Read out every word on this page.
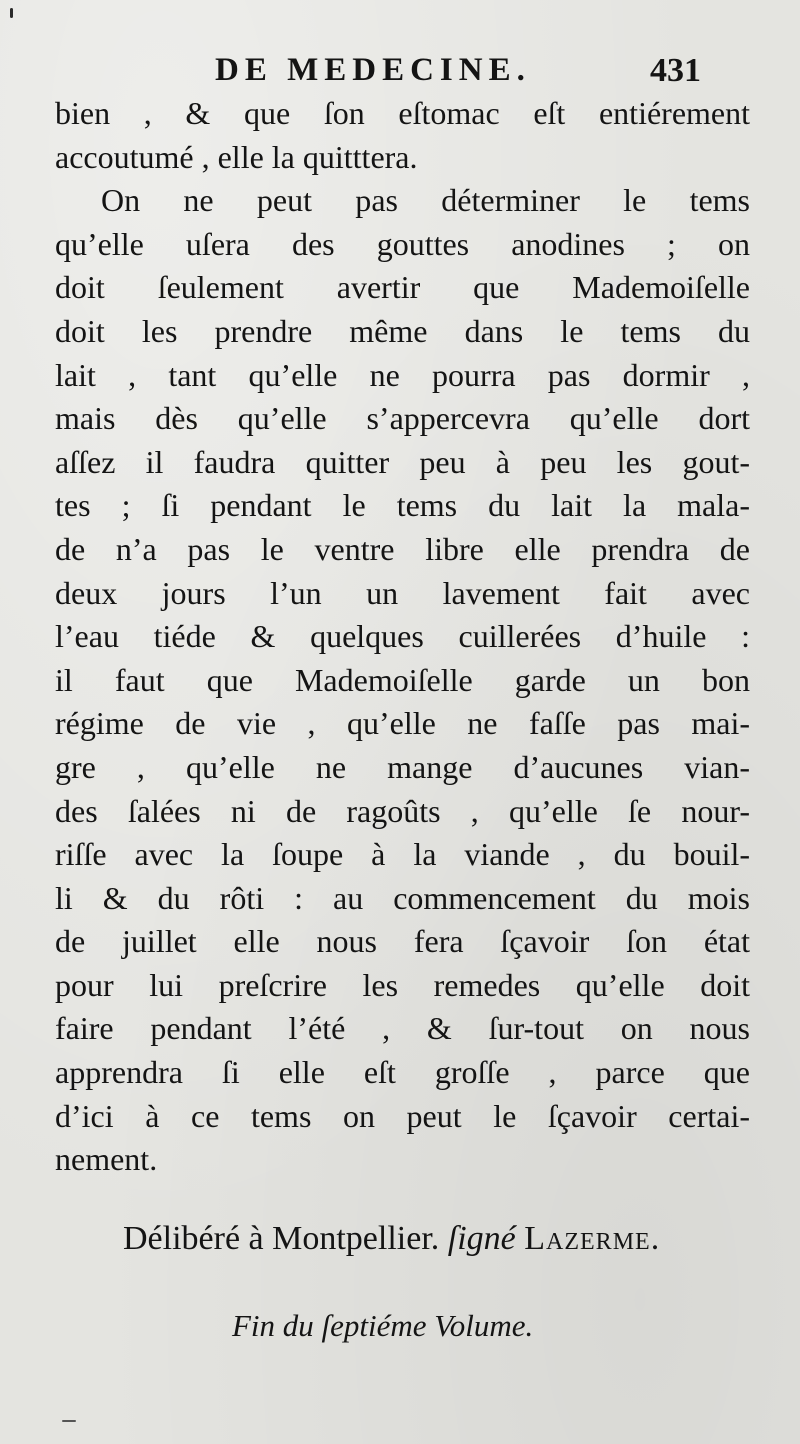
DE MEDECINE.	431
bien , & que ſon eſtomac eſt entiérement
accoutumé , elle la quitttera.
On ne peut pas déterminer le tems
qu’elle uſera des gouttes anodines ; on
doit ſeulement avertir que Mademoiſelle
doit les prendre même dans le tems du
lait , tant qu’elle ne pourra pas dormir ,
mais dès qu’elle s’appercevra qu’elle dort
aſſez il faudra quitter peu à peu les gout-
tes ; ſi pendant le tems du lait la mala-
de n’a pas le ventre libre elle prendra de
deux jours l’un un lavement fait avec
l’eau tiéde & quelques cuillerées d’huile :
il faut que Mademoiſelle garde un bon
régime de vie , qu’elle ne faſſe pas mai-
gre , qu’elle ne mange d’aucunes vian-
des ſalées ni de ragoûts , qu’elle ſe nour-
riſſe avec la ſoupe à la viande , du bouil-
li & du rôti : au commencement du mois
de juillet elle nous fera ſçavoir ſon état
pour lui preſcrire les remedes qu’elle doit
faire pendant l’été , & ſur-tout on nous
apprendra ſi elle eſt groſſe , parce que
d’ici à ce tems on peut le ſçavoir certai-
nement.
Délibéré à Montpellier. ſigné Lazerme.
Fin du ſeptiéme Volume.
